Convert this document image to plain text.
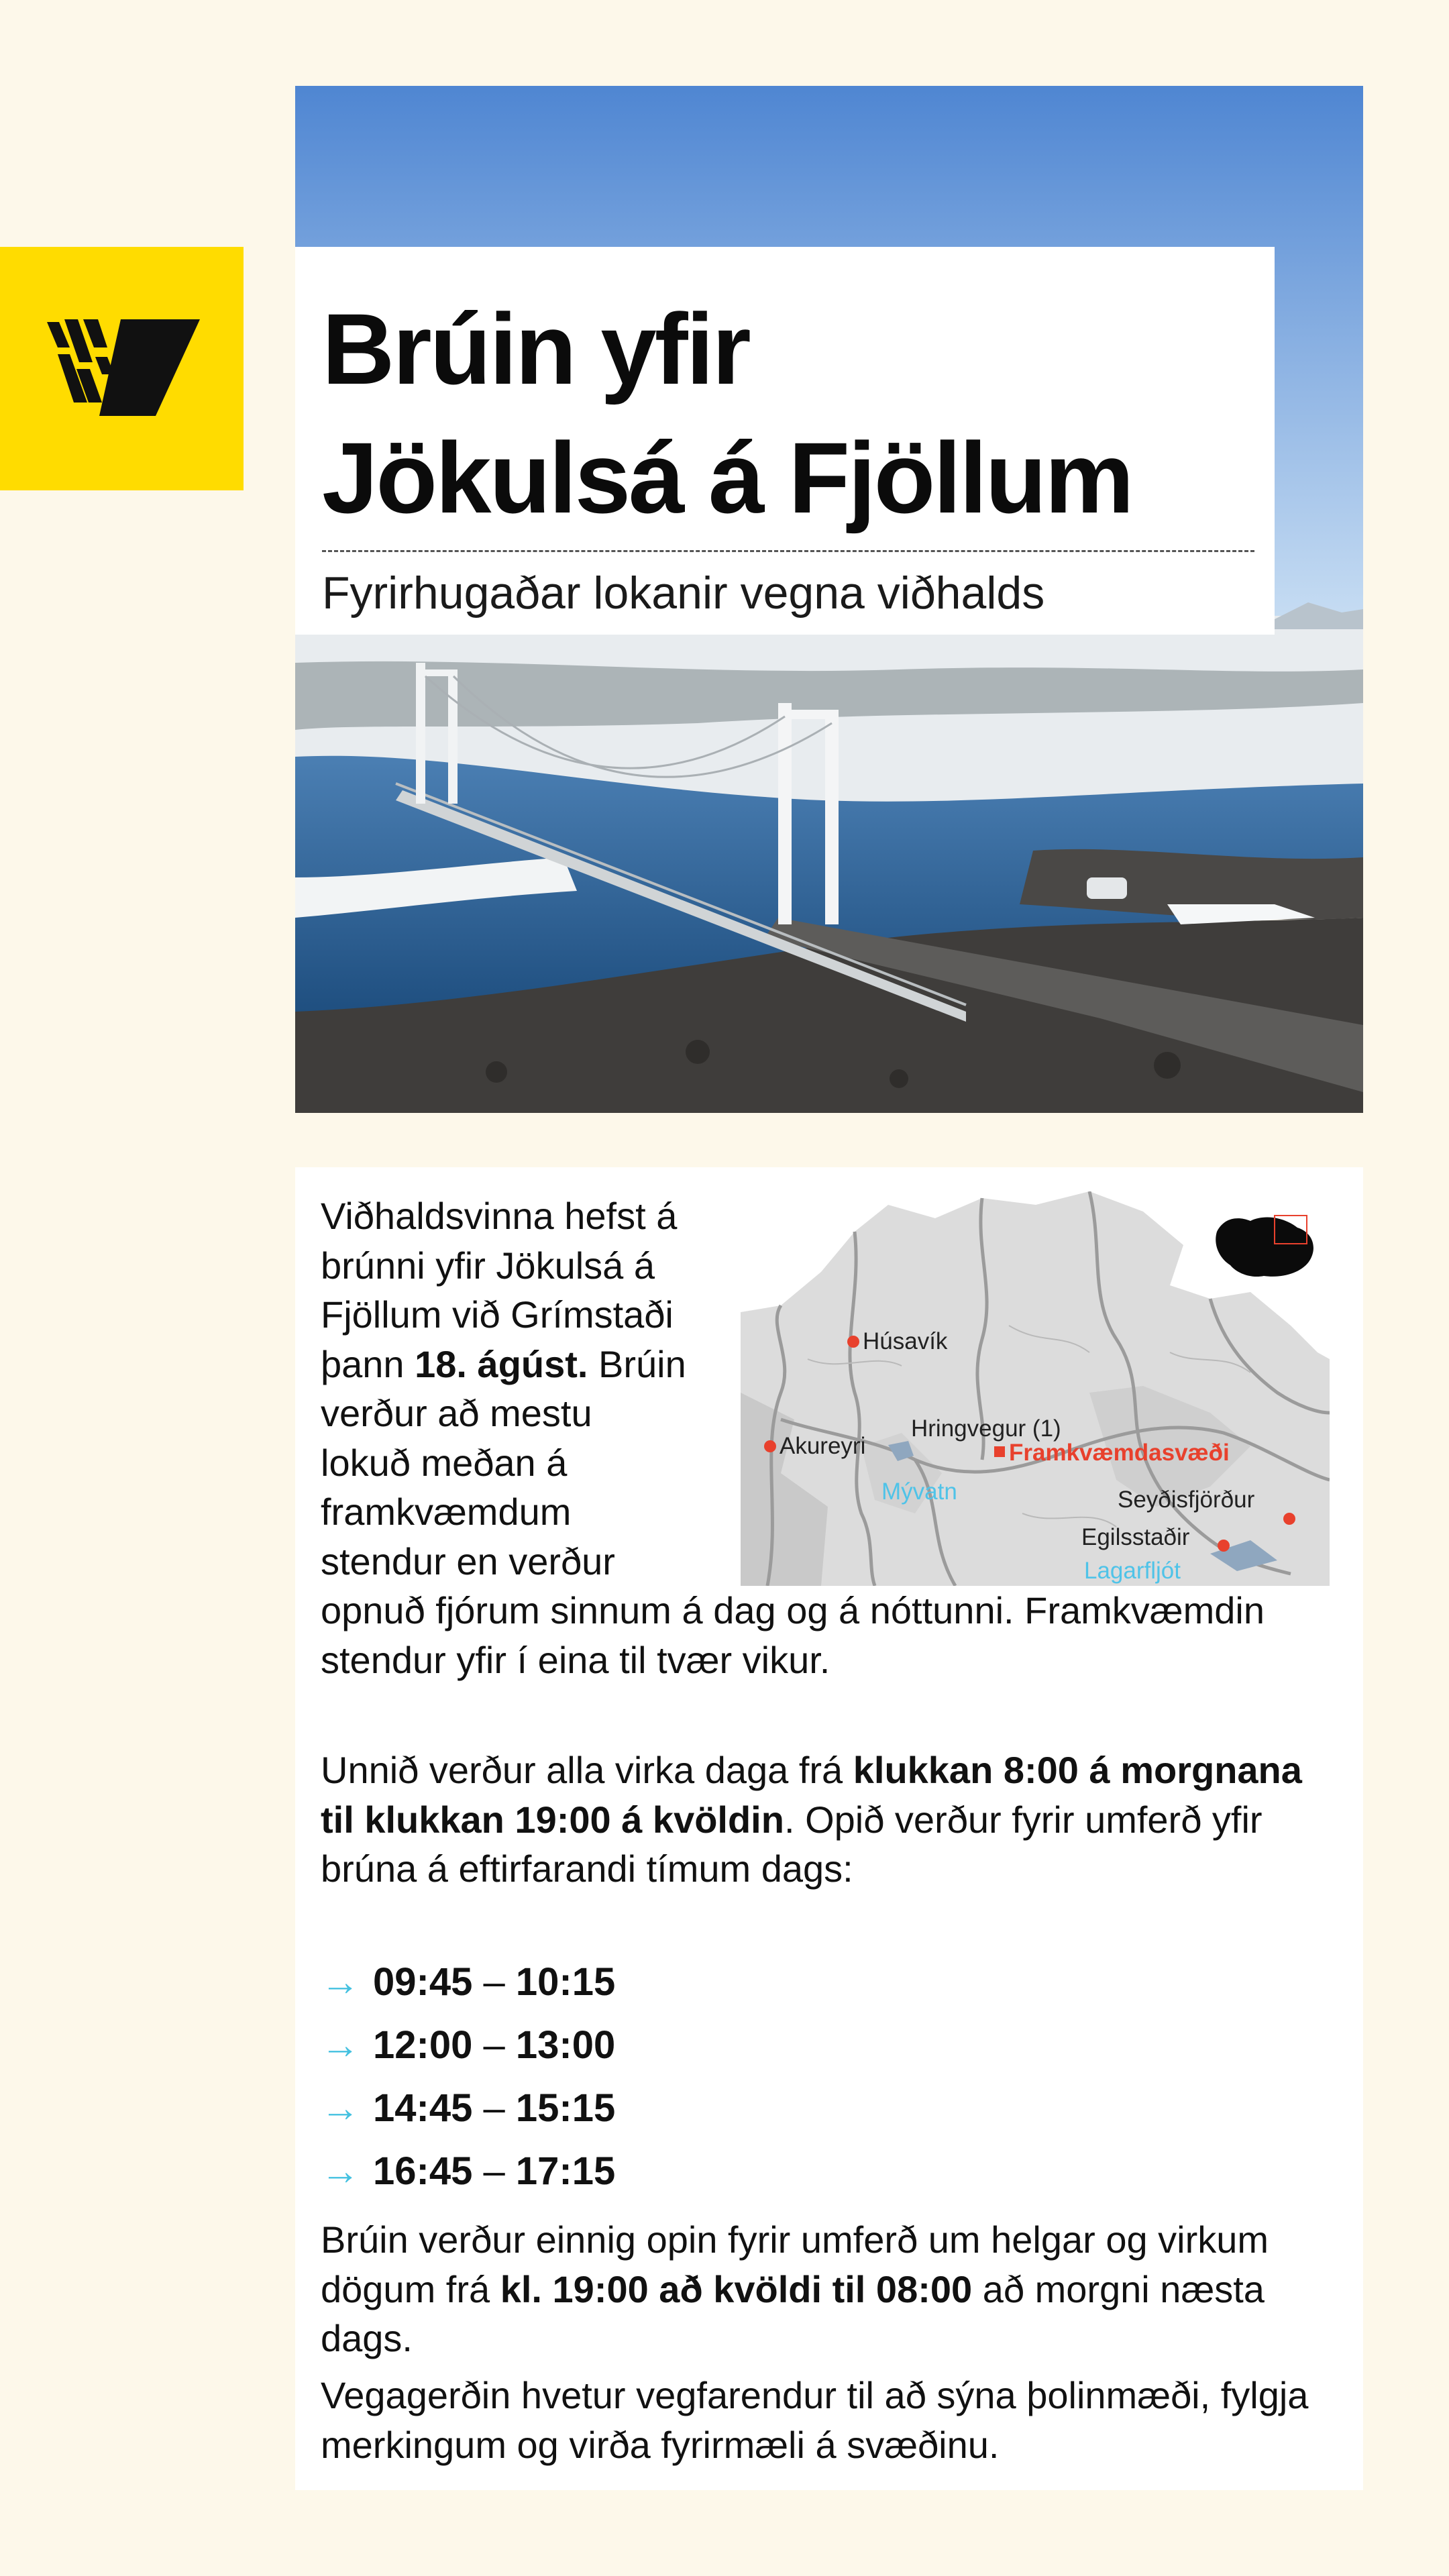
Brúin yfir
Jökulsá á Fjöllum
Fyrirhugaðar lokanir vegna viðhalds
Húsavík
Akureyri
Hringvegur (1)
Framkvæmdasvæði
Mývatn	Seyðisfjörður
Egilsstaðir
Lagarfljót

Viðhaldsvinna hefst á brúnni yfir Jökulsá á Fjöllum við Grímstaði þann 18. ágúst. Brúin verður að mestu lokuð meðan á framkvæmdum stendur en verður opnuð fjórum sinnum á dag og á nóttunni. Framkvæmdin stendur yfir í eina til tvær vikur.

Unnið verður alla virka daga frá klukkan 8:00 á morgnana til klukkan 19:00 á kvöldin. Opið verður fyrir umferð yfir brúna á eftirfarandi tímum dags:

→ 09:45 – 10:15
→ 12:00 – 13:00
→ 14:45 – 15:15
→ 16:45 – 17:15

Brúin verður einnig opin fyrir umferð um helgar og virkum dögum frá kl. 19:00 að kvöldi til 08:00 að morgni næsta dags.

Vegagerðin hvetur vegfarendur til að sýna þolinmæði, fylgja merkingum og virða fyrirmæli á svæðinu.
